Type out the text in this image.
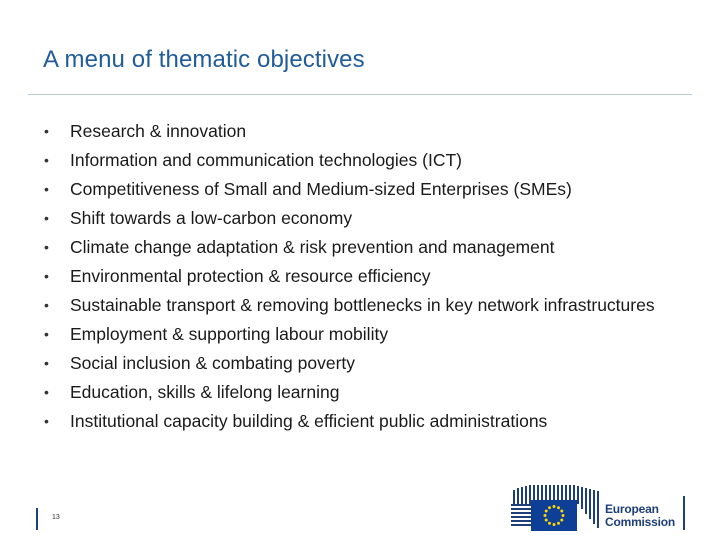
A menu of thematic objectives
•	Research & innovation
•	Information and communication technologies (ICT)
•	Competitiveness of Small and Medium-sized Enterprises (SMEs)
•	Shift towards a low-carbon economy
•	Climate change adaptation & risk prevention and management
•	Environmental protection & resource efficiency
•	Sustainable transport & removing bottlenecks in key network infrastructures
•	Employment & supporting labour mobility
•	Social inclusion & combating poverty
•	Education, skills & lifelong learning
•	Institutional capacity building & efficient public administrations
13
European
Commission
